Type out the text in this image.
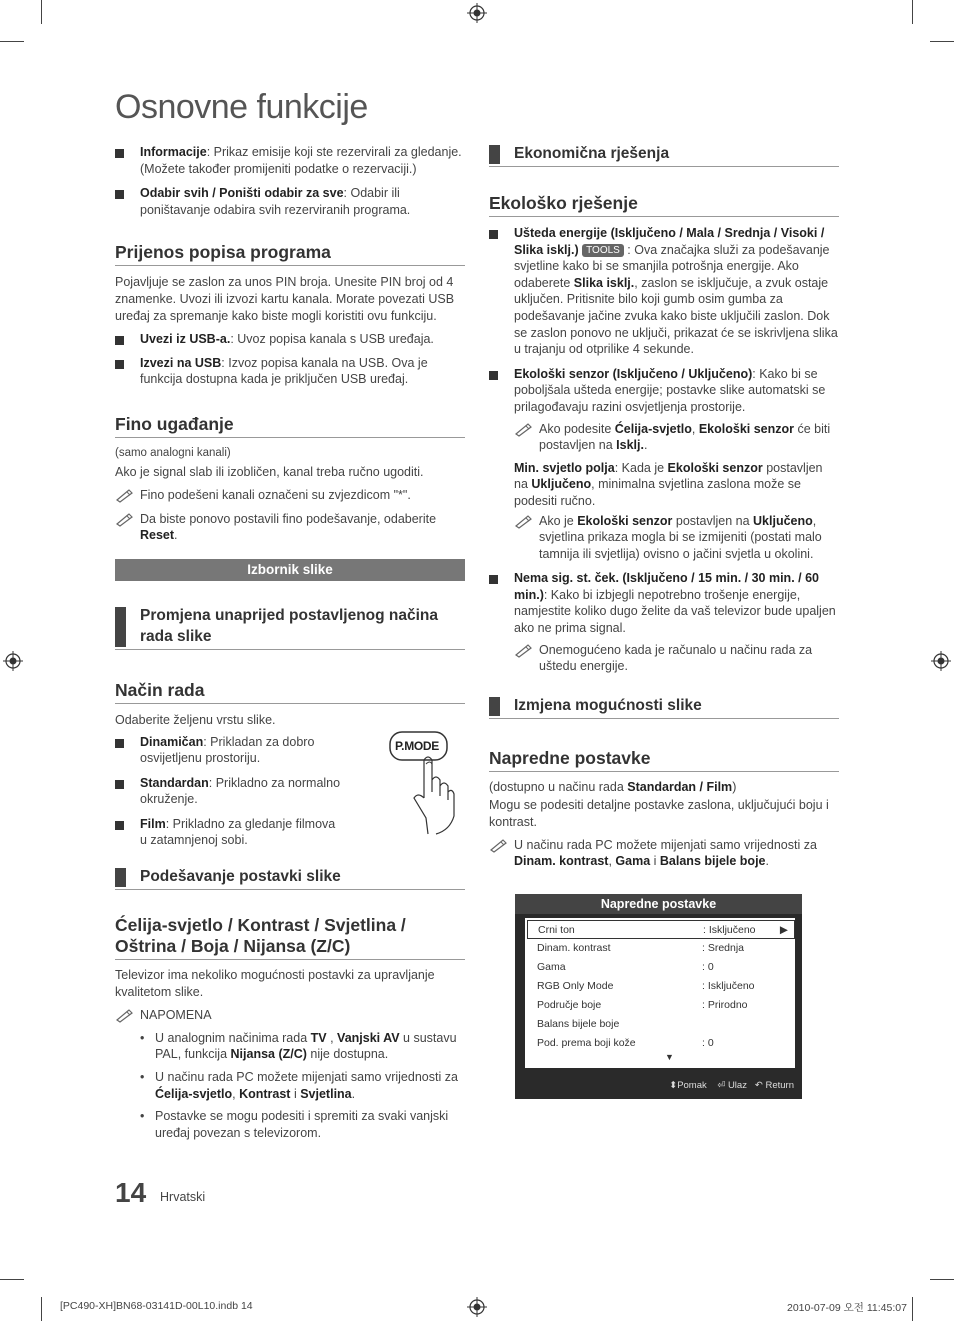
Osnovne funkcije

Informacije: Prikaz emisije koji ste rezervirali za gledanje. (Možete također promijeniti podatke o rezervaciji.)

Odabir svih / Poništi odabir za sve: Odabir ili poništavanje odabira svih rezerviranih programa.

Prijenos popisa programa

Pojavljuje se zaslon za unos PIN broja. Unesite PIN broj od 4 znamenke. Uvozi ili izvozi kartu kanala. Morate povezati USB uređaj za spremanje kako biste mogli koristiti ovu funkciju.

Uvezi iz USB-a.: Uvoz popisa kanala s USB uređaja.

Izvezi na USB: Izvoz popisa kanala na USB. Ova je funkcija dostupna kada je priključen USB uređaj.

Fino ugađanje

(samo analogni kanali)

Ako je signal slab ili izobličen, kanal treba ručno ugoditi.

Fino podešeni kanali označeni su zvjezdicom "*".

Da biste ponovo postavili fino podešavanje, odaberite Reset.

Izbornik slike
Promjena unaprijed postavljenog načina rada slike
Način rada

Odaberite željenu vrstu slike.

Dinamičan: Prikladan za dobro osvijetljenu prostoriju.

Standardan: Prikladno za normalno okruženje.

Film: Prikladno za gledanje filmova u zatamnjenoj sobi.

P.MODE
Podešavanje postavki slike
Ćelija-svjetlo / Kontrast / Svjetlina / Oštrina / Boja / Nijansa (Z/C)

Televizor ima nekoliko mogućnosti postavki za upravljanje kvalitetom slike.

NAPOMENA

• U analognim načinima rada TV , Vanjski AV u sustavu PAL, funkcija Nijansa (Z/C) nije dostupna.

• U načinu rada PC možete mijenjati samo vrijednosti za Ćelija-svjetlo, Kontrast i Svjetlina.

• Postavke se mogu podesiti i spremiti za svaki vanjski uređaj povezan s televizorom.

Ekonomična rješenja
Ekološko rješenje

Ušteda energije (Isključeno / Mala / Srednja / Visoki / Slika isklj.) TOOLS : Ova značajka služi za podešavanje svjetline kako bi se smanjila potrošnja energije. Ako odaberete Slika isklj., zaslon se isključuje, a zvuk ostaje uključen. Pritisnite bilo koji gumb osim gumba za podešavanje jačine zvuka kako biste uključili zaslon. Dok se zaslon ponovo ne uključi, prikazat će se iskrivljena slika u trajanju od otprilike 4 sekunde.

Ekološki senzor (Isključeno / Uključeno): Kako bi se poboljšala ušteda energije; postavke slike automatski se prilagođavaju razini osvjetljenja prostorije.

Ako podesite Ćelija-svjetlo, Ekološki senzor će biti postavljen na Isklj..

Min. svjetlo polja: Kada je Ekološki senzor postavljen na Uključeno, minimalna svjetlina zaslona može se podesiti ručno.

Ako je Ekološki senzor postavljen na Uključeno, svjetlina prikaza mogla bi se izmijeniti (postati malo tamnija ili svjetlija) ovisno o jačini svjetla u okolini.

Nema sig. st. ček. (Isključeno / 15 min. / 30 min. / 60 min.): Kako bi izbjegli nepotrebno trošenje energije, namjestite koliko dugo želite da vaš televizor bude upaljen ako ne prima signal.

Onemogućeno kada je računalo u načinu rada za uštedu energije.

Izmjena mogućnosti slike
Napredne postavke

(dostupno u načinu rada Standardan / Film)

Mogu se podesiti detaljne postavke zaslona, uključujući boju i kontrast.

U načinu rada PC možete mijenjati samo vrijednosti za Dinam. kontrast, Gama i Balans bijele boje.

Napredne postavke
Crni ton	: Isključeno ▶
Dinam. kontrast	: Srednja
Gama	: 0
RGB Only Mode	: Isključeno
Područje boje	: Prirodno
Balans bijele boje
Pod. prema boji kože	: 0
▼
⬍Pomak ⏎ Ulaz ↶ Return
14 Hrvatski
[PC490-XH]BN68-03141D-00L10.indb 14	2010-07-09 오전 11:45:07
